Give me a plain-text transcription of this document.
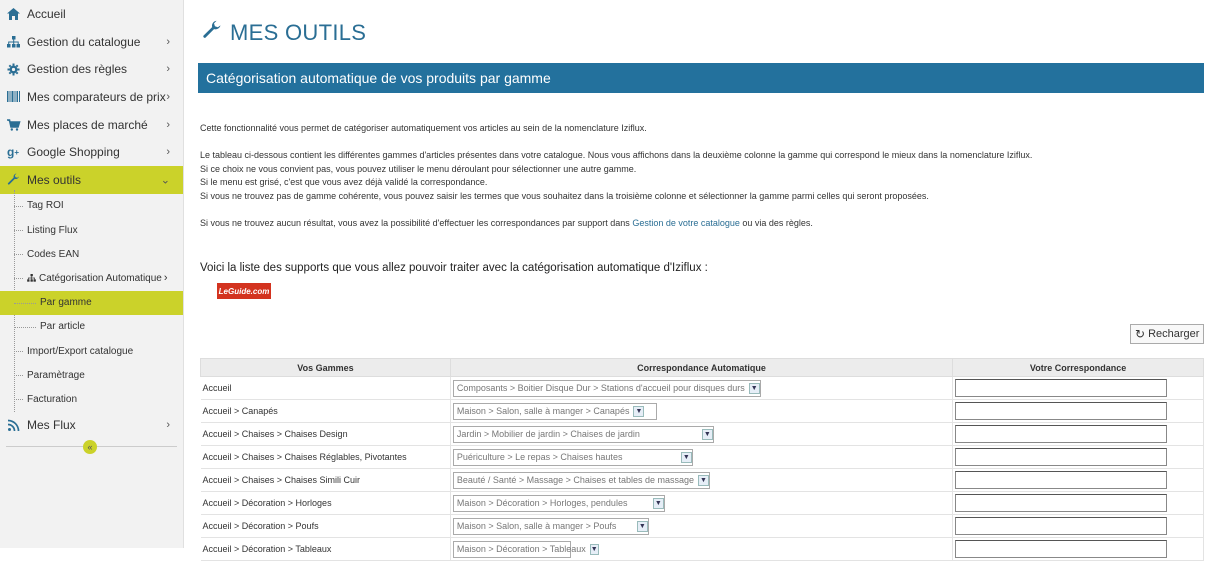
Accueil
Gestion du catalogue ›
Gestion des règles	›
Mes comparateurs de prix ›
Mes places de marché ›
g + Google Shopping	›
Mes outils	⌄
Tag ROI
Listing Flux
Codes EAN
Catégorisation Automatique ›
Par gamme
Par article
Import/Export catalogue
Paramètrage
Facturation
Mes Flux	›
«
MES OUTILS
Catégorisation automatique de vos produits par gamme
Cette fonctionnalité vous permet de catégoriser automatiquement vos articles au sein de la nomenclature Iziflux.
Le tableau ci-dessous contient les différentes gammes d'articles présentes dans votre catalogue. Nous vous affichons dans la deuxième colonne la gamme qui correspond le mieux dans la nomenclature Iziflux.
Si ce choix ne vous convient pas, vous pouvez utiliser le menu déroulant pour sélectionner une autre gamme.
Si le menu est grisé, c'est que vous avez déjà validé la correspondance.
Si vous ne trouvez pas de gamme cohérente, vous pouvez saisir les termes que vous souhaitez dans la troisième colonne et sélectionner la gamme parmi celles qui seront proposées.
Si vous ne trouvez aucun résultat, vous avez la possibilité d'effectuer les correspondances par support dans Gestion de votre catalogue ou via des règles.
Voici la liste des supports que vous allez pouvoir traiter avec la catégorisation automatique d'Iziflux :
LeGuide.com
↻ Recharger
Vos Gammes	Correspondance Automatique	Votre Correspondance
Accueil	Composants > Boitier Disque Dur > Stations d'accueil pour disques durs ▼	

Accueil > Canapés	Maison > Salon, salle à manger > Canapés ▼	

Accueil > Chaises > Chaises Design	Jardin > Mobilier de jardin > Chaises de jardin ▼	

Accueil > Chaises > Chaises Réglables, Pivotantes	Puériculture > Le repas > Chaises hautes ▼	

Accueil > Chaises > Chaises Simili Cuir	Beauté / Santé > Massage > Chaises et tables de massage ▼	

Accueil > Décoration > Horloges	Maison > Décoration > Horloges, pendules ▼	

Accueil > Décoration > Poufs	Maison > Salon, salle à manger > Poufs ▼	

Accueil > Décoration > Tableaux	Maison > Décoration > Tableaux ▼	
